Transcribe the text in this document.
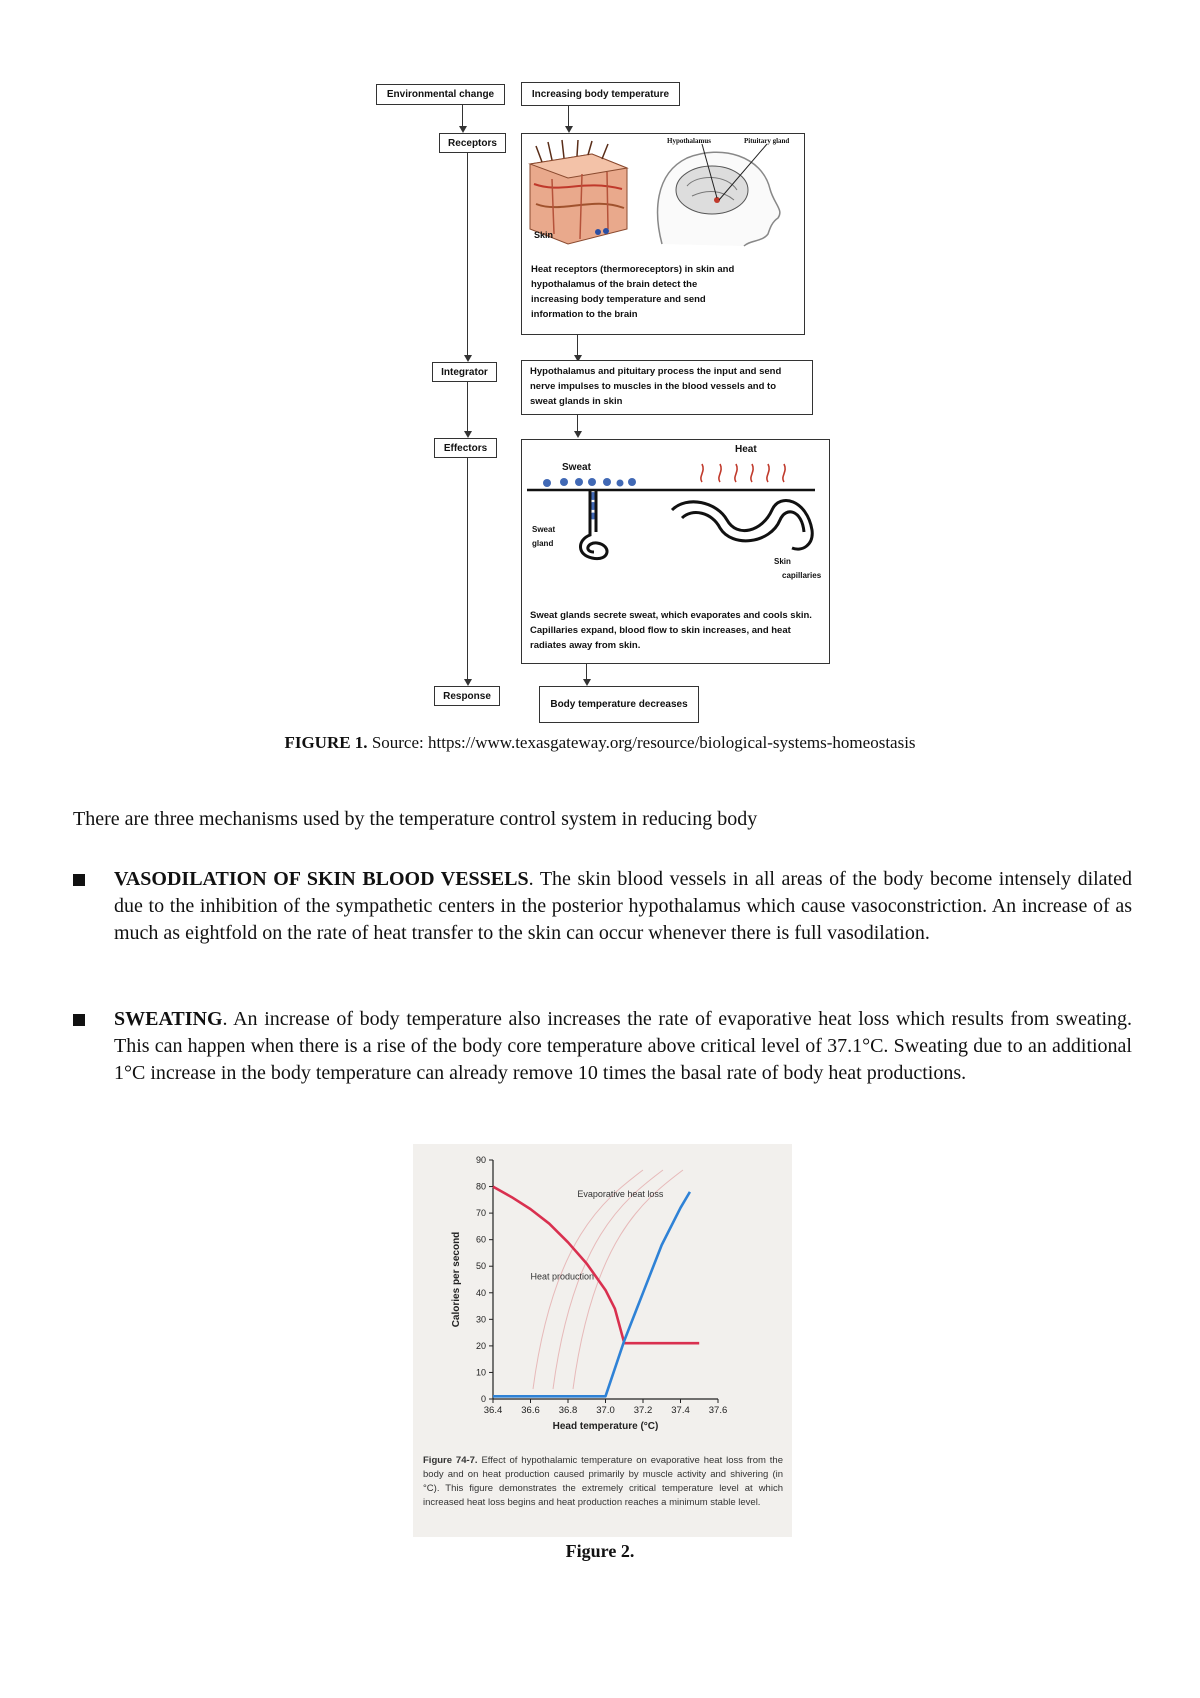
Environmental change
Receptors
Integrator
Effectors
Response
Increasing body temperature
Skin
Hypothalamus	Pituitary gland
Heat receptors (thermoreceptors) in skin and hypothalamus of the brain detect the increasing body temperature and send information to the brain
Hypothalamus and pituitary process the input and send nerve impulses to muscles in the blood vessels and to sweat glands in skin
Sweat
Heat
Sweat gland
Skin capillaries
Sweat glands secrete sweat, which evaporates and cools skin. Capillaries expand, blood flow to skin increases, and heat radiates away from skin.
Body temperature decreases
FIGURE 1. Source: https://www.texasgateway.org/resource/biological-systems-homeostasis
There are three mechanisms used by the temperature control system in reducing body
VASODILATION OF SKIN BLOOD VESSELS. The skin blood vessels in all areas of the body become intensely dilated due to the inhibition of the sympathetic centers in the posterior hypothalamus which cause vasoconstriction. An increase of as much as eightfold on the rate of heat transfer to the skin can occur whenever there is full vasodilation.
SWEATING. An increase of body temperature also increases the rate of evaporative heat loss which results from sweating. This can happen when there is a rise of the body core temperature above critical level of 37.1°C. Sweating due to an additional 1°C increase in the body temperature can already remove 10 times the basal rate of body heat productions.
0
10
20
30
40
50
60
70
80
90
36.4 36.6 36.8 37.0 37.2 37.4 37.6
Head temperature (°C)
Calories per second	Heat production
Evaporative heat loss
Figure 74-7. Effect of hypothalamic temperature on evaporative heat loss from the body and on heat production caused primarily by muscle activity and shivering (in °C). This figure demonstrates the extremely critical temperature level at which increased heat loss begins and heat production reaches a minimum stable level.
Figure 2.
